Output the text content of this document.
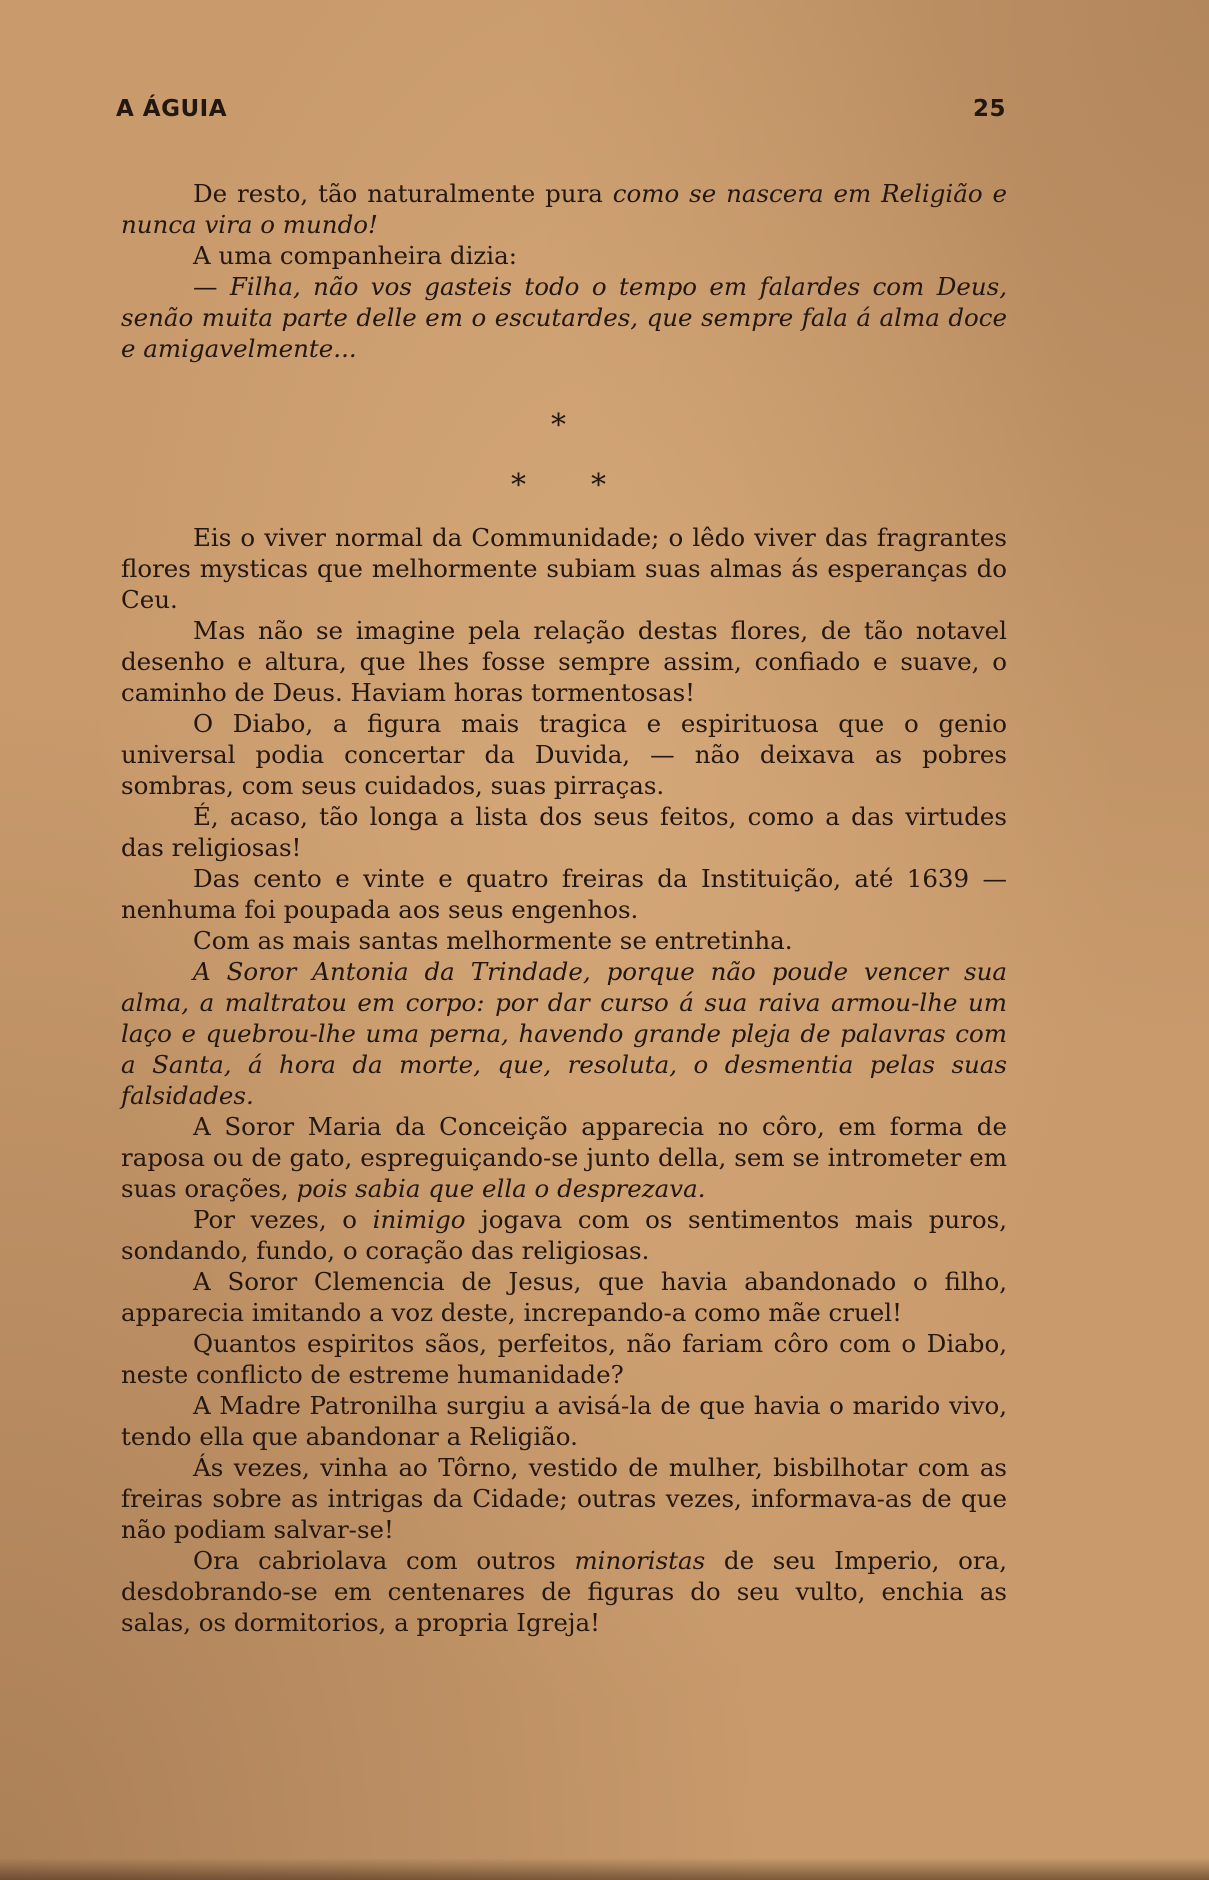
A ÁGUIA	25

De resto, tão naturalmente pura como se nascera em Religião e nunca vira o mundo!

A uma companheira dizia:

— Filha, não vos gasteis todo o tempo em falardes com Deus, senão muita parte delle em o escutardes, que sempre fala á alma doce e amigavelmente...

*
* *

Eis o viver normal da Communidade; o lêdo viver das fragrantes flores mysticas que melhormente subiam suas almas ás esperanças do Ceu.

Mas não se imagine pela relação destas flores, de tão notavel desenho e altura, que lhes fosse sempre assim, confiado e suave, o caminho de Deus. Haviam horas tormentosas!

O Diabo, a figura mais tragica e espirituosa que o genio universal podia concertar da Duvida, — não deixava as pobres sombras, com seus cuidados, suas pirraças.

É, acaso, tão longa a lista dos seus feitos, como a das virtudes das religiosas!

Das cento e vinte e quatro freiras da Instituição, até 1639 — nenhuma foi poupada aos seus engenhos.

Com as mais santas melhormente se entretinha.

A Soror Antonia da Trindade, porque não poude vencer sua alma, a maltratou em corpo: por dar curso á sua raiva armou-lhe um laço e quebrou-lhe uma perna, havendo grande pleja de palavras com a Santa, á hora da morte, que, resoluta, o desmentia pelas suas falsidades.

A Soror Maria da Conceição apparecia no côro, em forma de raposa ou de gato, espreguiçando-se junto della, sem se intrometer em suas orações, pois sabia que ella o desprezava.

Por vezes, o inimigo jogava com os sentimentos mais puros, sondando, fundo, o coração das religiosas.

A Soror Clemencia de Jesus, que havia abandonado o filho, apparecia imitando a voz deste, increpando-a como mãe cruel!

Quantos espiritos sãos, perfeitos, não fariam côro com o Diabo, neste conflicto de estreme humanidade?

A Madre Patronilha surgiu a avisá-la de que havia o marido vivo, tendo ella que abandonar a Religião.

Ás vezes, vinha ao Tôrno, vestido de mulher, bisbilhotar com as freiras sobre as intrigas da Cidade; outras vezes, informava-as de que não podiam salvar-se!

Ora cabriolava com outros minoristas de seu Imperio, ora, desdobrando-se em centenares de figuras do seu vulto, enchia as salas, os dormitorios, a propria Igreja!
